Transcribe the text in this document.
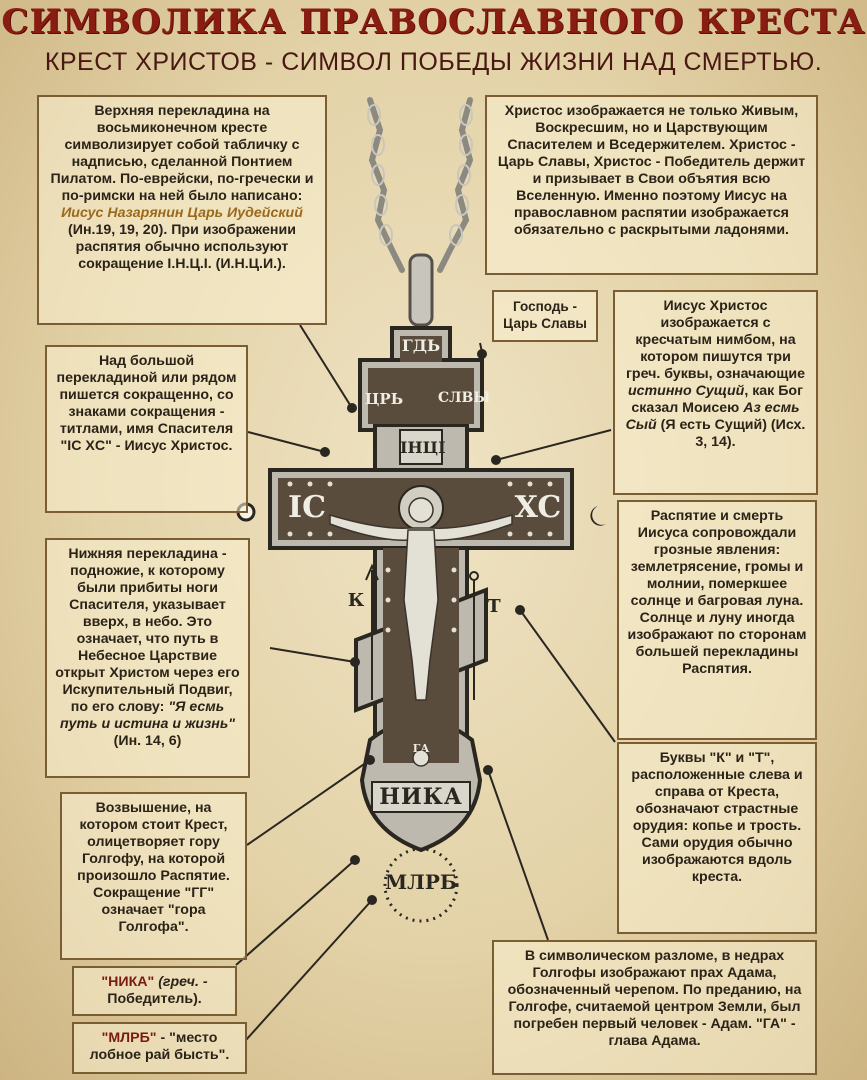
СИМВОЛИКА ПРАВОСЛАВНОГО КРЕСТА
КРЕСТ ХРИСТОВ - СИМВОЛ ПОБЕДЫ ЖИЗНИ НАД СМЕРТЬЮ.
ГДЬ
ЦРЬ СЛВЫ
IНЦI
IC	XC
К	Т
ГА
НИКА
МЛРБ

Верхняя перекладина на восьмиконечном кресте символизирует собой табличку с надписью, сделанной Понтием Пилатом. По-еврейски, по-гречески и по-римски на ней было написано: Иисус Назарянин Царь Иудейский (Ин.19, 19, 20). При изображении распятия обычно используют сокращение I.Н.Ц.I. (И.Н.Ц.И.).

Христос изображается не только Живым, Воскресшим, но и Царствующим Спасителем и Вседержителем. Христос - Царь Славы, Христос - Победитель держит и призывает в Свои объятия всю Вселенную. Именно поэтому Иисус на православном распятии изображается обязательно с раскрытыми ладонями.

Господь - Царь Славы

Иисус Христос изображается с кресчатым нимбом, на котором пишутся три греч. буквы, означающие истинно Сущий, как Бог сказал Моисею Аз есмь Сый (Я есть Сущий) (Исх. 3, 14).

Над большой перекладиной или рядом пишется сокращенно, со знаками сокращения - титлами, имя Спасителя "IC XC" - Иисус Христос.

Распятие и смерть Иисуса сопровождали грозные явления: землетрясение, громы и молнии, померкшее солнце и багровая луна. Солнце и луну иногда изображают по сторонам большей перекладины Распятия.

Нижняя перекладина - подножие, к которому были прибиты ноги Спасителя, указывает вверх, в небо. Это означает, что путь в Небесное Царствие открыт Христом через его Искупительный Подвиг, по его слову: "Я есмь путь и истина и жизнь" (Ин. 14, 6)

Буквы "К" и "Т", расположенные слева и справа от Креста, обозначают страстные орудия: копье и трость. Сами орудия обычно изображаются вдоль креста.

Возвышение, на котором стоит Крест, олицетворяет гору Голгофу, на которой произошло Распятие. Сокращение "ГГ" означает "гора Голгофа".

"НИКА" (греч. - Победитель).

"МЛРБ" - "место лобное рай бысть".

В символическом разломе, в недрах Голгофы изображают прах Адама, обозначенный черепом. По преданию, на Голгофе, считаемой центром Земли, был погребен первый человек - Адам. "ГА" - глава Адама.
